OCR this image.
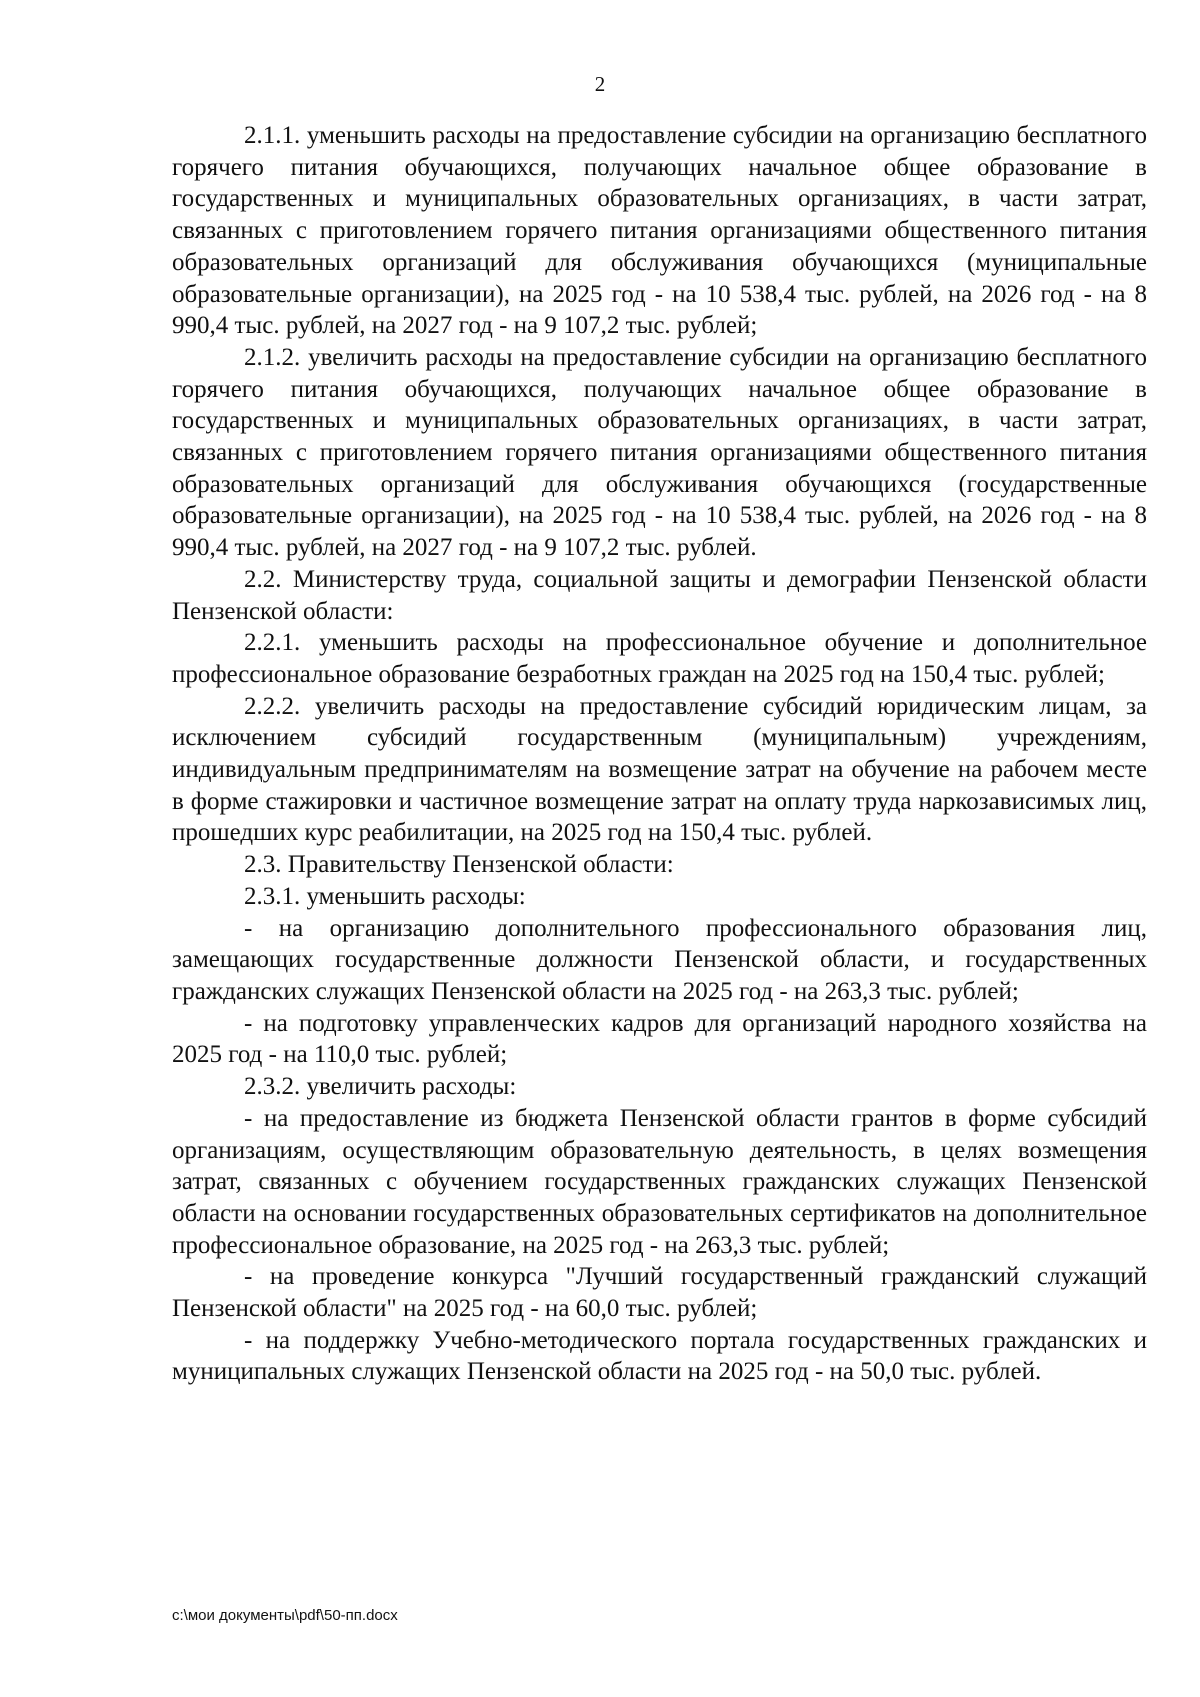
2

2.1.1. уменьшить расходы на предоставление субсидии на организацию бесплатного горячего питания обучающихся, получающих начальное общее образование в государственных и муниципальных образовательных организациях, в части затрат, связанных с приготовлением горячего питания организациями общественного питания образовательных организаций для обслуживания обучающихся (муниципальные образовательные организации), на 2025 год - на 10 538,4 тыс. рублей, на 2026 год - на 8 990,4 тыс. рублей, на 2027 год - на 9 107,2 тыс. рублей;

2.1.2. увеличить расходы на предоставление субсидии на организацию бесплатного горячего питания обучающихся, получающих начальное общее образование в государственных и муниципальных образовательных организациях, в части затрат, связанных с приготовлением горячего питания организациями общественного питания образовательных организаций для обслуживания обучающихся (государственные образовательные организации), на 2025 год - на 10 538,4 тыс. рублей, на 2026 год - на 8 990,4 тыс. рублей, на 2027 год - на 9 107,2 тыс. рублей.

2.2. Министерству труда, социальной защиты и демографии Пензенской области Пензенской области:

2.2.1. уменьшить расходы на профессиональное обучение и дополнительное профессиональное образование безработных граждан на 2025 год на 150,4 тыс. рублей;

2.2.2. увеличить расходы на предоставление субсидий юридическим лицам, за исключением субсидий государственным (муниципальным) учреждениям, индивидуальным предпринимателям на возмещение затрат на обучение на рабочем месте в форме стажировки и частичное возмещение затрат на оплату труда наркозависимых лиц, прошедших курс реабилитации, на 2025 год на 150,4 тыс. рублей.

2.3. Правительству Пензенской области:

2.3.1. уменьшить расходы:

- на организацию дополнительного профессионального образования лиц, замещающих государственные должности Пензенской области, и государственных гражданских служащих Пензенской области на 2025 год - на 263,3 тыс. рублей;

- на подготовку управленческих кадров для организаций народного хозяйства на 2025 год - на 110,0 тыс. рублей;

2.3.2. увеличить расходы:

- на предоставление из бюджета Пензенской области грантов в форме субсидий организациям, осуществляющим образовательную деятельность, в целях возмещения затрат, связанных с обучением государственных гражданских служащих Пензенской области на основании государственных образовательных сертификатов на дополнительное профессиональное образование, на 2025 год - на 263,3 тыс. рублей;

- на проведение конкурса "Лучший государственный гражданский служащий Пензенской области" на 2025 год - на 60,0 тыс. рублей;

- на поддержку Учебно-методического портала государственных гражданских и муниципальных служащих Пензенской области на 2025 год - на 50,0 тыс. рублей.

c:\мои документы\pdf\50-пп.docx
